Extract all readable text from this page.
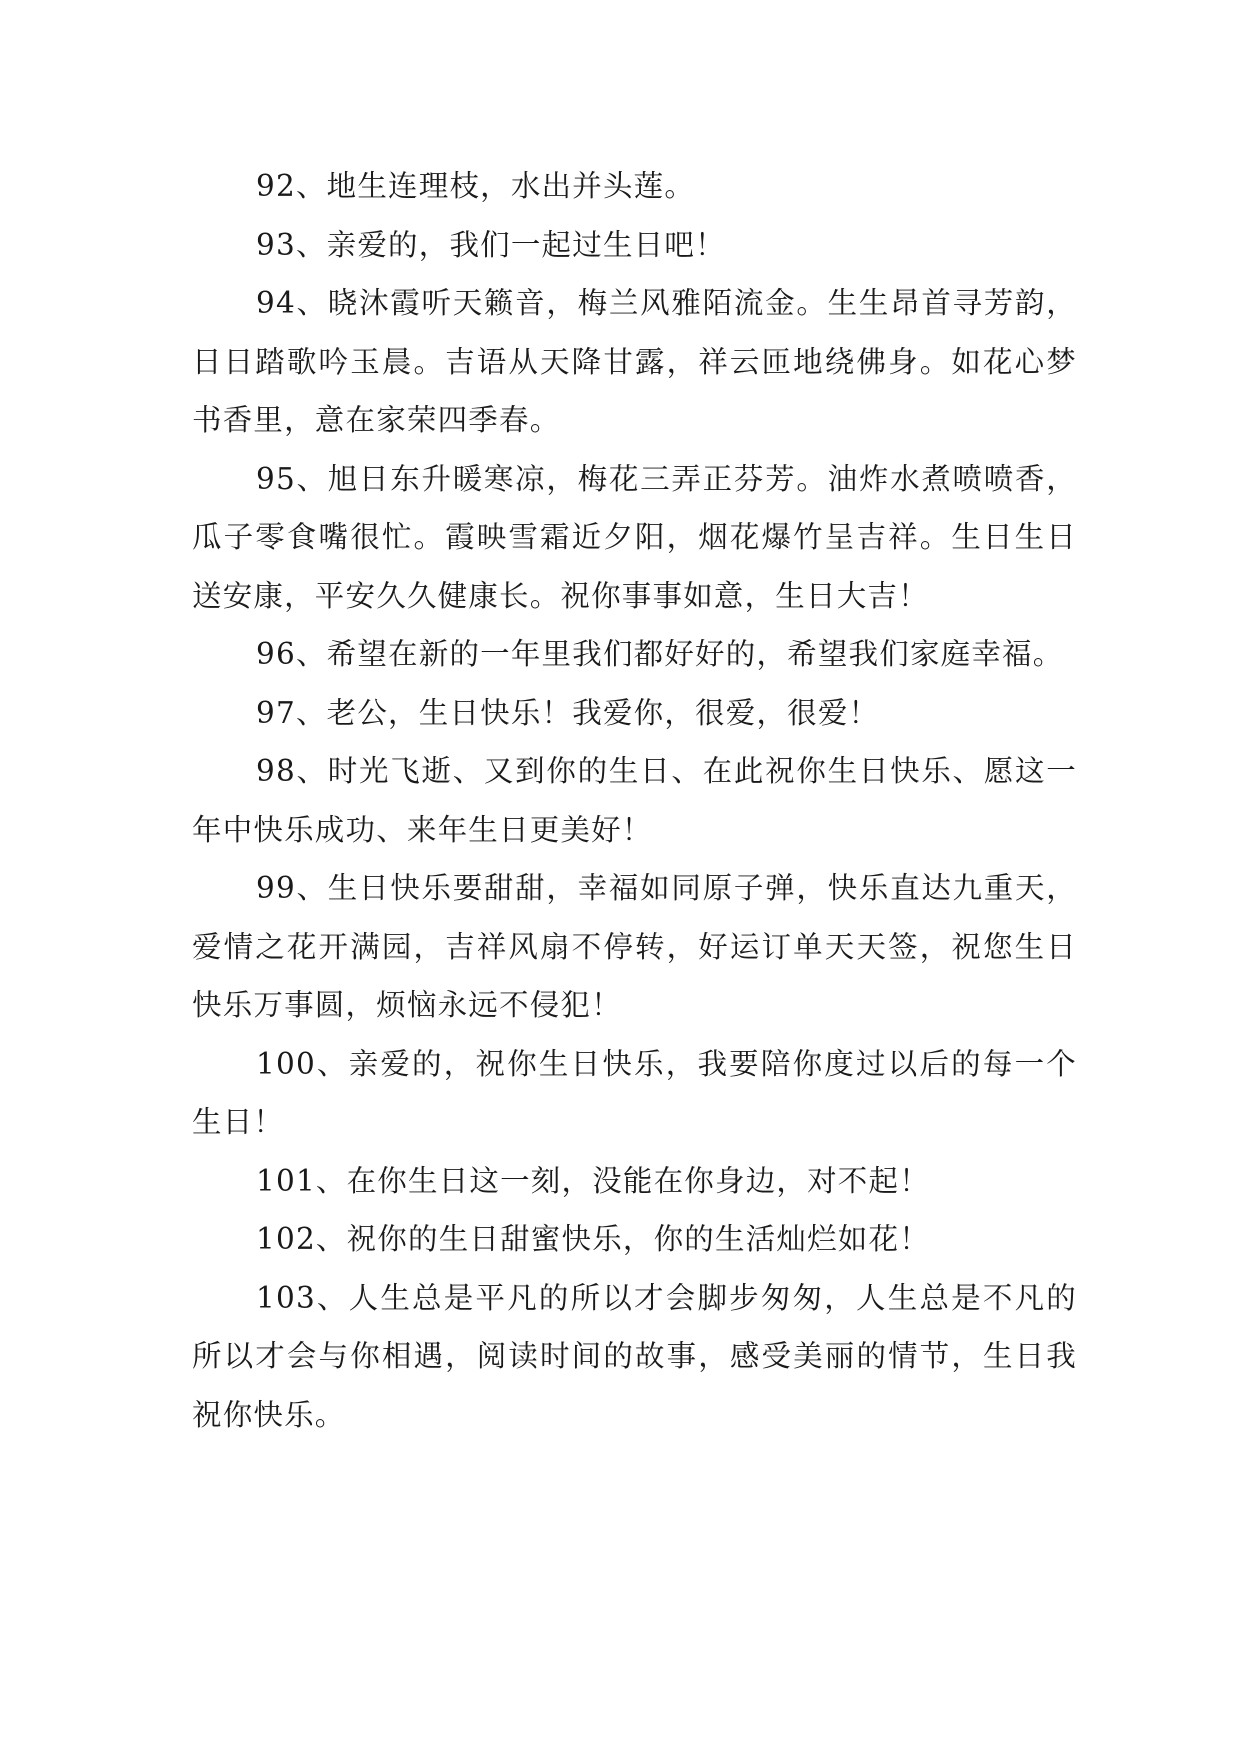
92、地生连理枝，水出并头莲。

93、亲爱的，我们一起过生日吧！

94、晓沐霞听天籁音，梅兰风雅陌流金。生生昂首寻芳韵，日日踏歌吟玉晨。吉语从天降甘露，祥云匝地绕佛身。如花心梦书香里，意在家荣四季春。

95、旭日东升暖寒凉，梅花三弄正芬芳。油炸水煮喷喷香，瓜子零食嘴很忙。霞映雪霜近夕阳，烟花爆竹呈吉祥。生日生日送安康，平安久久健康长。祝你事事如意，生日大吉！

96、希望在新的一年里我们都好好的，希望我们家庭幸福。

97、老公，生日快乐！我爱你，很爱，很爱！

98、时光飞逝、又到你的生日、在此祝你生日快乐、愿这一年中快乐成功、来年生日更美好！

99、生日快乐要甜甜，幸福如同原子弹，快乐直达九重天，爱情之花开满园，吉祥风扇不停转，好运订单天天签，祝您生日快乐万事圆，烦恼永远不侵犯！

100、亲爱的，祝你生日快乐，我要陪你度过以后的每一个生日！

101、在你生日这一刻，没能在你身边，对不起！

102、祝你的生日甜蜜快乐，你的生活灿烂如花！

103、人生总是平凡的所以才会脚步匆匆，人生总是不凡的所以才会与你相遇，阅读时间的故事，感受美丽的情节，生日我祝你快乐。
